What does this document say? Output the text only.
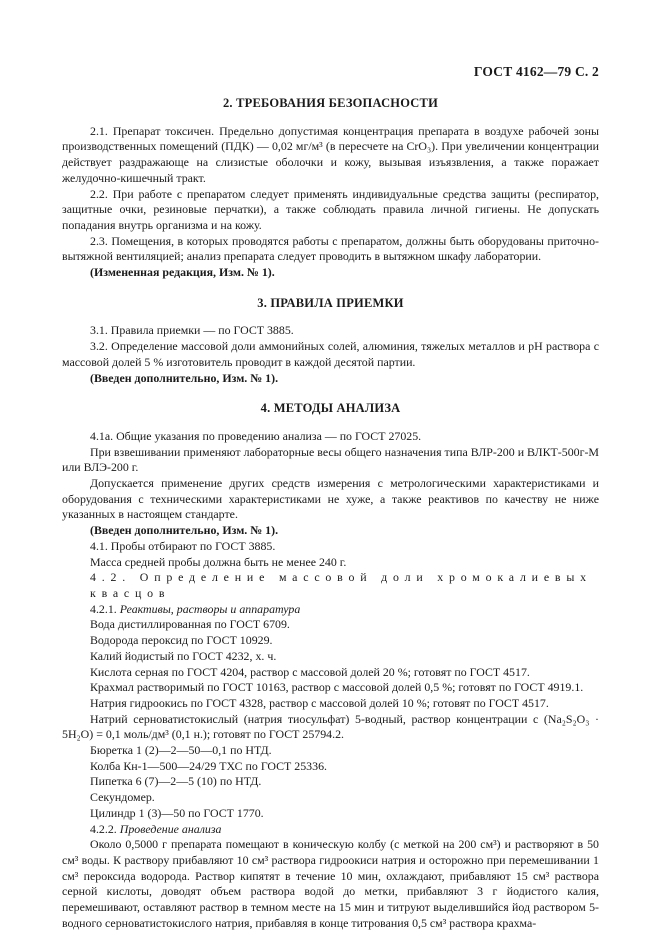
ГОСТ 4162—79 С. 2
2. ТРЕБОВАНИЯ БЕЗОПАСНОСТИ

2.1. Препарат токсичен. Предельно допустимая концентрация препарата в воздухе рабочей зоны производственных помещений (ПДК) — 0,02 мг/м³ (в пересчете на CrO₃). При увеличении концентрации действует раздражающе на слизистые оболочки и кожу, вызывая изъязвления, а также поражает желудочно-кишечный тракт.

2.2. При работе с препаратом следует применять индивидуальные средства защиты (респиратор, защитные очки, резиновые перчатки), а также соблюдать правила личной гигиены. Не допускать попадания внутрь организма и на кожу.

2.3. Помещения, в которых проводятся работы с препаратом, должны быть оборудованы приточно-вытяжной вентиляцией; анализ препарата следует проводить в вытяжном шкафу лаборатории.

(Измененная редакция, Изм. № 1).

3. ПРАВИЛА ПРИЕМКИ

3.1. Правила приемки — по ГОСТ 3885.

3.2. Определение массовой доли аммонийных солей, алюминия, тяжелых металлов и pH раствора с массовой долей 5 % изготовитель проводит в каждой десятой партии.

(Введен дополнительно, Изм. № 1).

4. МЕТОДЫ АНАЛИЗА

4.1а. Общие указания по проведению анализа — по ГОСТ 27025.

При взвешивании применяют лабораторные весы общего назначения типа ВЛР-200 и ВЛКТ-500г-М или ВЛЭ-200 г.

Допускается применение других средств измерения с метрологическими характеристиками и оборудования с техническими характеристиками не хуже, а также реактивов по качеству не ниже указанных в настоящем стандарте.

(Введен дополнительно, Изм. № 1).

4.1. Пробы отбирают по ГОСТ 3885.

Масса средней пробы должна быть не менее 240 г.

4.2. Определение массовой доли хромокалиевых квасцов

4.2.1. Реактивы, растворы и аппаратура

Вода дистиллированная по ГОСТ 6709.

Водорода пероксид по ГОСТ 10929.

Калий йодистый по ГОСТ 4232, х. ч.

Кислота серная по ГОСТ 4204, раствор с массовой долей 20 %; готовят по ГОСТ 4517.

Крахмал растворимый по ГОСТ 10163, раствор с массовой долей 0,5 %; готовят по ГОСТ 4919.1.

Натрия гидроокись по ГОСТ 4328, раствор с массовой долей 10 %; готовят по ГОСТ 4517.

Натрий серноватистокислый (натрия тиосульфат) 5-водный, раствор концентрации c (Na₂S₂O₃ · 5H₂O) = 0,1 моль/дм³ (0,1 н.); готовят по ГОСТ 25794.2.

Бюретка 1 (2)—2—50—0,1 по НТД.

Колба Кн-1—500—24/29 ТХС по ГОСТ 25336.

Пипетка 6 (7)—2—5 (10) по НТД.

Секундомер.

Цилиндр 1 (3)—50 по ГОСТ 1770.

4.2.2. Проведение анализа

Около 0,5000 г препарата помещают в коническую колбу (с меткой на 200 см³) и растворяют в 50 см³ воды. К раствору прибавляют 10 см³ раствора гидроокиси натрия и осторожно при перемешивании 1 см³ пероксида водорода. Раствор кипятят в течение 10 мин, охлаждают, прибавляют 15 см³ раствора серной кислоты, доводят объем раствора водой до метки, прибавляют 3 г йодистого калия, перемешивают, оставляют раствор в темном месте на 15 мин и титруют выделившийся йод раствором 5-водного серноватистокислого натрия, прибавляя в конце титрования 0,5 см³ раствора крахма-
